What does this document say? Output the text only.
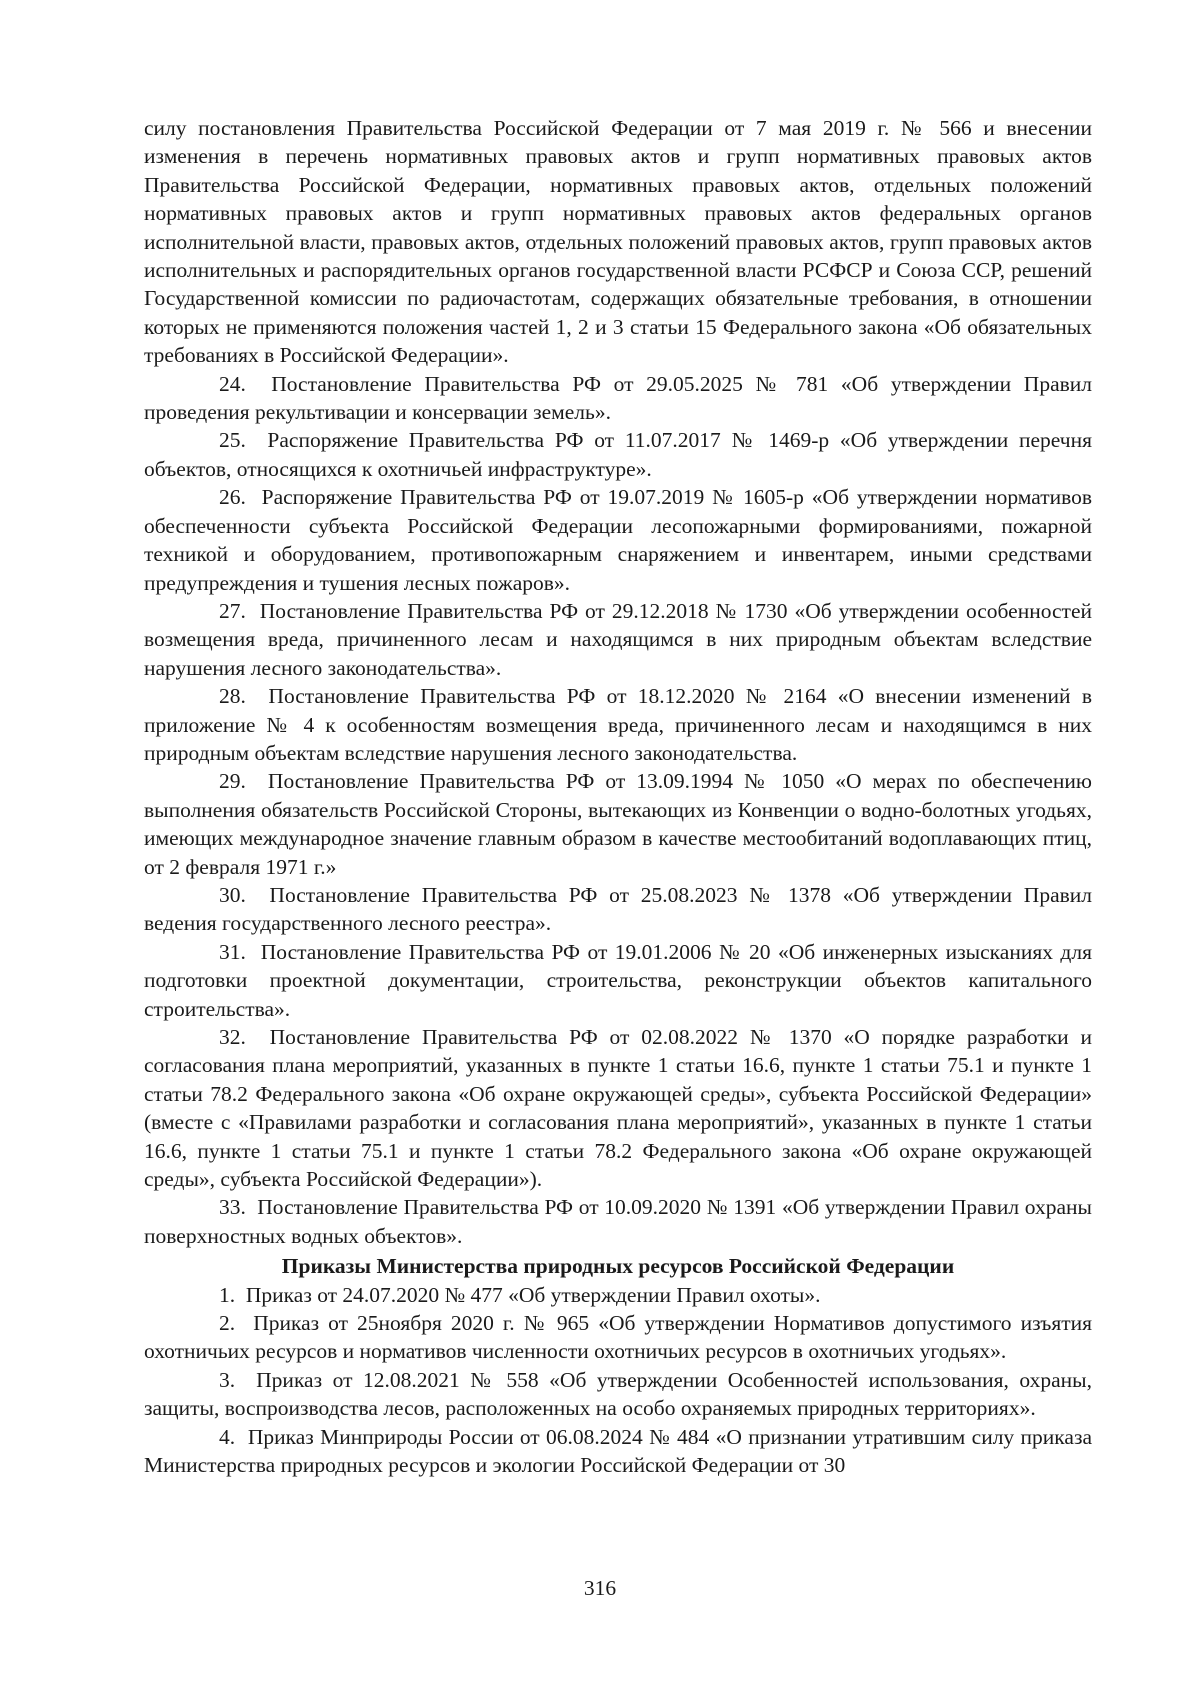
силу постановления Правительства Российской Федерации от 7 мая 2019 г. № 566 и внесении изменения в перечень нормативных правовых актов и групп нормативных правовых актов Правительства Российской Федерации, нормативных правовых актов, отдельных положений нормативных правовых актов и групп нормативных правовых актов федеральных органов исполнительной власти, правовых актов, отдельных положений правовых актов, групп правовых актов исполнительных и распорядительных органов государственной власти РСФСР и Союза ССР, решений Государственной комиссии по радиочастотам, содержащих обязательные требования, в отношении которых не применяются положения частей 1, 2 и 3 статьи 15 Федерального закона «Об обязательных требованиях в Российской Федерации».

24. Постановление Правительства РФ от 29.05.2025 № 781 «Об утверждении Правил проведения рекультивации и консервации земель».

25. Распоряжение Правительства РФ от 11.07.2017 № 1469-р «Об утверждении перечня объектов, относящихся к охотничьей инфраструктуре».

26. Распоряжение Правительства РФ от 19.07.2019 № 1605-р «Об утверждении нормативов обеспеченности субъекта Российской Федерации лесопожарными формированиями, пожарной техникой и оборудованием, противопожарным снаряжением и инвентарем, иными средствами предупреждения и тушения лесных пожаров».

27. Постановление Правительства РФ от 29.12.2018 № 1730 «Об утверждении особенностей возмещения вреда, причиненного лесам и находящимся в них природным объектам вследствие нарушения лесного законодательства».

28. Постановление Правительства РФ от 18.12.2020 № 2164 «О внесении изменений в приложение № 4 к особенностям возмещения вреда, причиненного лесам и находящимся в них природным объектам вследствие нарушения лесного законодательства.

29. Постановление Правительства РФ от 13.09.1994 № 1050 «О мерах по обеспечению выполнения обязательств Российской Стороны, вытекающих из Конвенции о водно-болотных угодьях, имеющих международное значение главным образом в качестве местообитаний водоплавающих птиц, от 2 февраля 1971 г.»

30. Постановление Правительства РФ от 25.08.2023 № 1378 «Об утверждении Правил ведения государственного лесного реестра».

31. Постановление Правительства РФ от 19.01.2006 № 20 «Об инженерных изысканиях для подготовки проектной документации, строительства, реконструкции объектов капитального строительства».

32. Постановление Правительства РФ от 02.08.2022 № 1370 «О порядке разработки и согласования плана мероприятий, указанных в пункте 1 статьи 16.6, пункте 1 статьи 75.1 и пункте 1 статьи 78.2 Федерального закона «Об охране окружающей среды», субъекта Российской Федерации» (вместе с «Правилами разработки и согласования плана мероприятий», указанных в пункте 1 статьи 16.6, пункте 1 статьи 75.1 и пункте 1 статьи 78.2 Федерального закона «Об охране окружающей среды», субъекта Российской Федерации»).

33. Постановление Правительства РФ от 10.09.2020 № 1391 «Об утверждении Правил охраны поверхностных водных объектов».

Приказы Министерства природных ресурсов Российской Федерации

1. Приказ от 24.07.2020 № 477 «Об утверждении Правил охоты».

2. Приказ от 25ноября 2020 г. № 965 «Об утверждении Нормативов допустимого изъятия охотничьих ресурсов и нормативов численности охотничьих ресурсов в охотничьих угодьях».

3. Приказ от 12.08.2021 № 558 «Об утверждении Особенностей использования, охраны, защиты, воспроизводства лесов, расположенных на особо охраняемых природных территориях».

4. Приказ Минприроды России от 06.08.2024 № 484 «О признании утратившим силу приказа Министерства природных ресурсов и экологии Российской Федерации от 30

316
